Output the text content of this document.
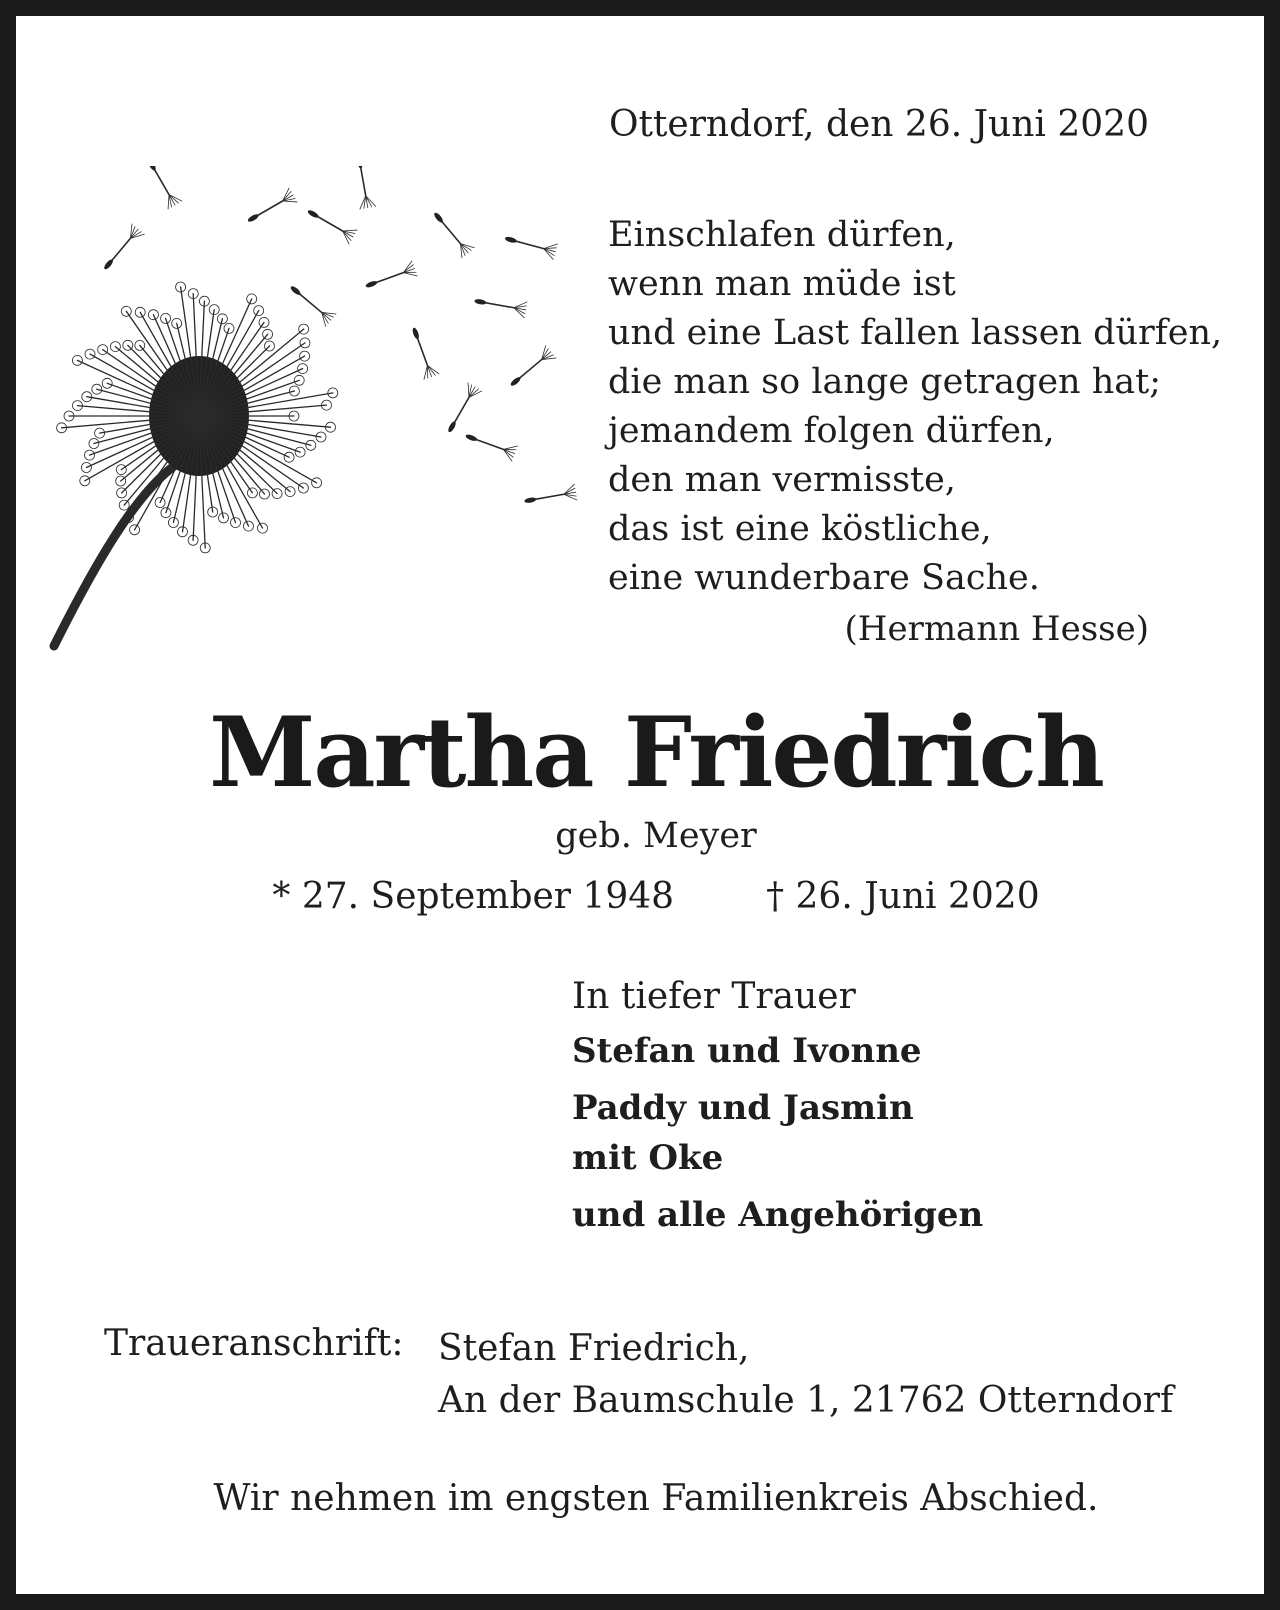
Otterndorf, den 26. Juni 2020
Einschlafen dürfen,
wenn man müde ist
und eine Last fallen lassen dürfen,
die man so lange getragen hat;
jemandem folgen dürfen,
den man vermisste,
das ist eine köstliche,
eine wunderbare Sache.
(Hermann Hesse)
Martha Friedrich
geb. Meyer
* 27. September 1948	† 26. Juni 2020
In tiefer Trauer
Stefan und Ivonne
Paddy und Jasmin
mit Oke
und alle Angehörigen
Traueranschrift: Stefan Friedrich,
An der Baumschule 1, 21762 Otterndorf
Wir nehmen im engsten Familienkreis Abschied.
